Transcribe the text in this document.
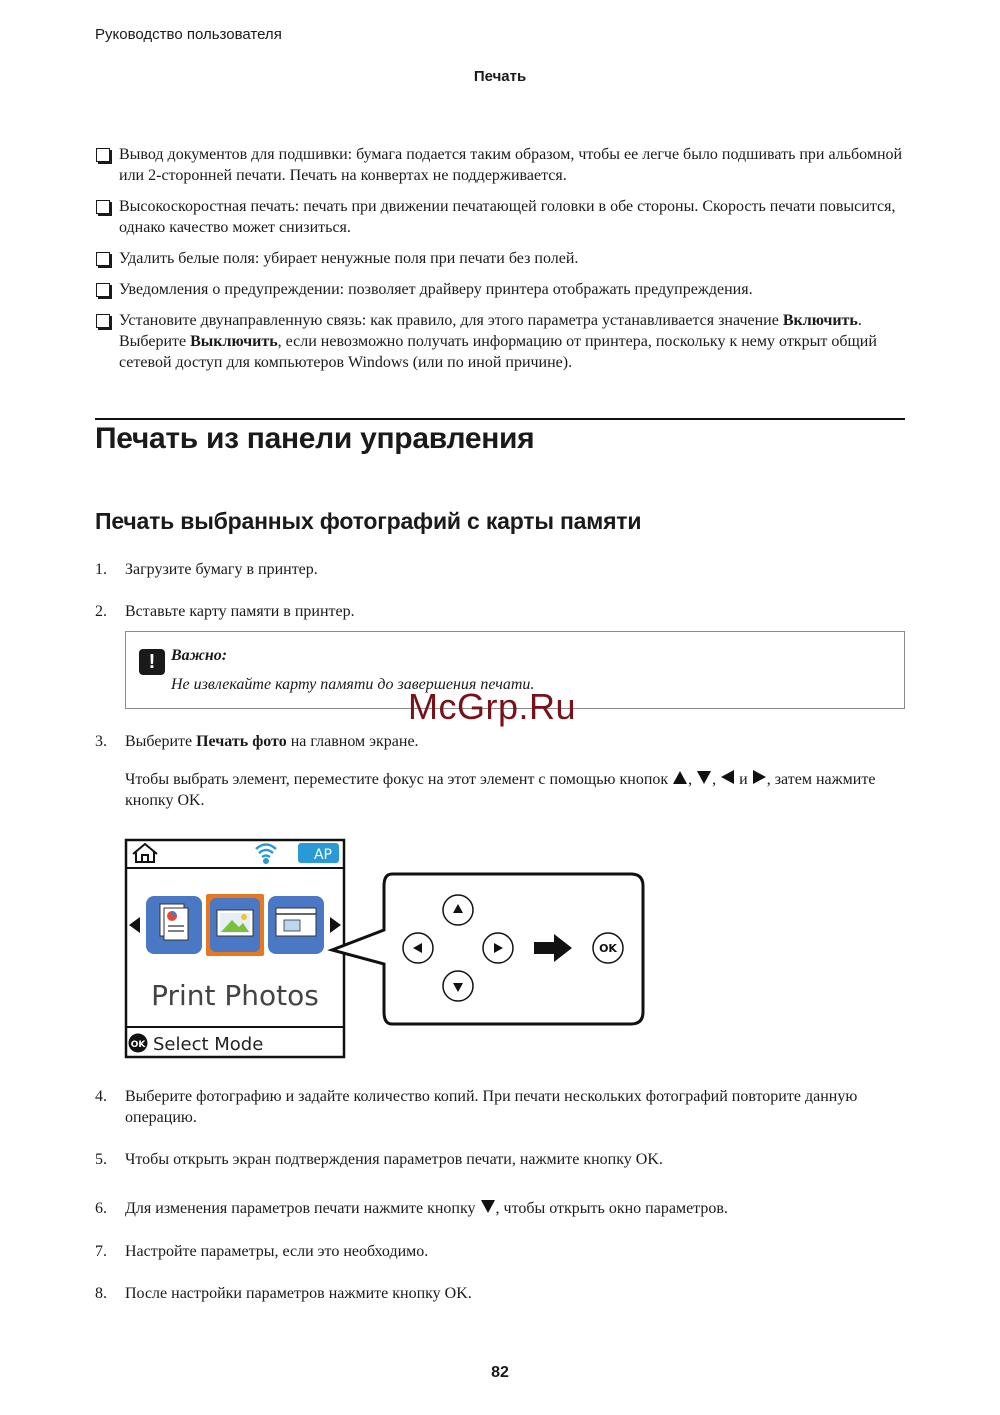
Руководство пользователя
Печать
Вывод документов для подшивки: бумага подается таким образом, чтобы ее легче было подшивать при альбомной или 2-сторонней печати. Печать на конвертах не поддерживается.
Высокоскоростная печать: печать при движении печатающей головки в обе стороны. Скорость печати повысится, однако качество может снизиться.
Удалить белые поля: убирает ненужные поля при печати без полей.
Уведомления о предупреждении: позволяет драйверу принтера отображать предупреждения.
Установите двунаправленную связь: как правило, для этого параметра устанавливается значение Включить. Выберите Выключить, если невозможно получать информацию от принтера, поскольку к нему открыт общий сетевой доступ для компьютеров Windows (или по иной причине).
Печать из панели управления
Печать выбранных фотографий с карты памяти
1.	Загрузите бумагу в принтер.
2.	Вставьте карту памяти в принтер.
! Важно:
Не извлекайте карту памяти до завершения печати.
McGrp.Ru
3.	Выберите Печать фото на главном экране.
Чтобы выбрать элемент, переместите фокус на этот элемент с помощью кнопок , ,  и , затем нажмите кнопку OK.
AP
Print Photos
OK Select Mode
OK
4.	Выберите фотографию и задайте количество копий. При печати нескольких фотографий повторите данную операцию.
5.	Чтобы открыть экран подтверждения параметров печати, нажмите кнопку OK.
6.	Для изменения параметров печати нажмите кнопку , чтобы открыть окно параметров.
7.	Настройте параметры, если это необходимо.
8.	После настройки параметров нажмите кнопку OK.
82
